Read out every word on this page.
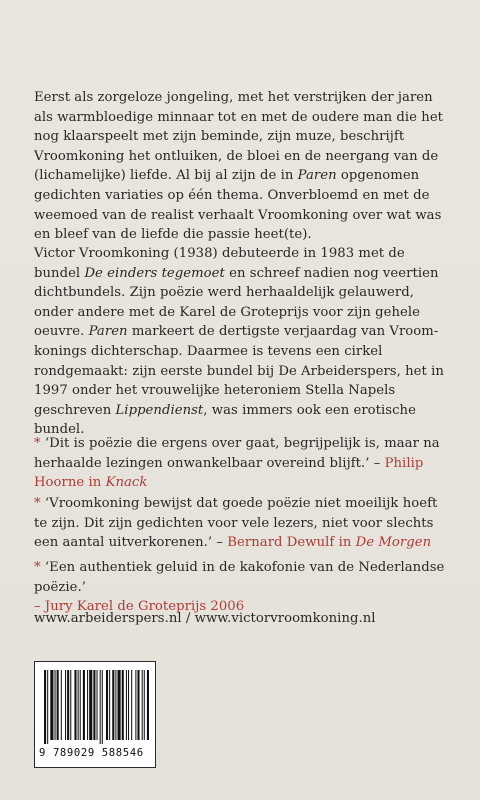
Eerst als zorgeloze jongeling, met het verstrijken der jaren als warmbloedige minnaar tot en met de oudere man die het nog klaarspeelt met zijn beminde, zijn muze, beschrijft Vroomkoning het ontluiken, de bloei en de neergang van de (lichamelijke) liefde. Al bij al zijn de in Paren opgenomen gedichten variaties op één thema. Onverbloemd en met de weemoed van de realist verhaalt Vroomkoning over wat was en bleef van de liefde die passie heet(te).
Victor Vroomkoning (1938) debuteerde in 1983 met de bundel De einders tegemoet en schreef nadien nog veertien dichtbundels. Zijn poëzie werd herhaaldelijk gelauwerd, onder andere met de Karel de Groteprijs voor zijn gehele oeuvre. Paren markeert de dertigste verjaardag van Vroomkonings dichterschap. Daarmee is tevens een cirkel rondgemaakt: zijn eerste bundel bij De Arbeiderspers, het in 1997 onder het vrouwelijke heteroniem Stella Napels geschreven Lippendienst, was immers ook een erotische bundel.
* ‘Dit is poëzie die ergens over gaat, begrijpelijk is, maar na herhaalde lezingen onwankelbaar overeind blijft.’ – Philip Hoorne in Knack
* ‘Vroomkoning bewijst dat goede poëzie niet moeilijk hoeft te zijn. Dit zijn gedichten voor vele lezers, niet voor slechts een aantal uitverkorenen.’ – Bernard Dewulf in De Morgen
* ‘Een authentiek geluid in de kakofonie van de Nederlandse poëzie.’
– Jury Karel de Groteprijs 2006
www.arbeiderspers.nl / www.victorvroomkoning.nl
9 789029 588546
